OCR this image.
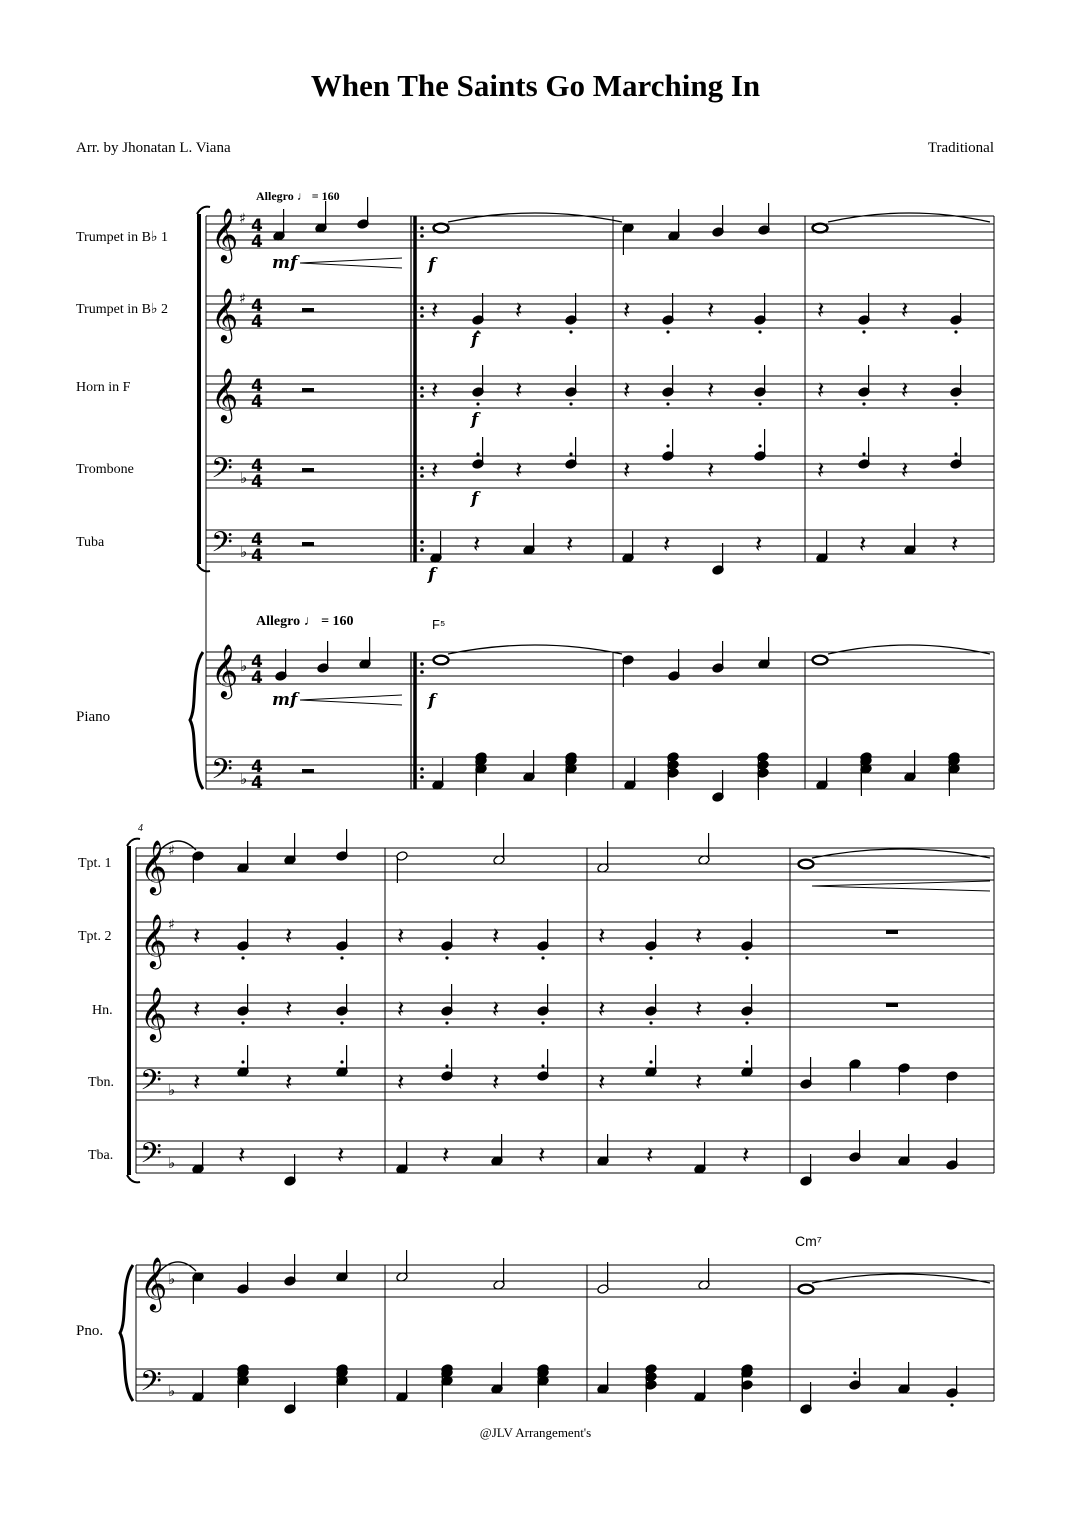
When The Saints Go Marching In
Arr. by Jhonatan L. Viana	Traditional
Trumpet in B♭ 1
Trumpet in B♭ 2
Horn in F
Trombone
Tuba
Piano
Tpt. 1
Tpt. 2
Hn.
Tbn.
Tba.
Pno.
Allegro ♩ = 160
Allegro ♩ = 160	F⁵
Cm⁷
4
@JLV Arrangement's
𝄞 ♯ 4
4
𝄞 ♯ 4
4
𝄞 4
4
𝄢 ♭
4
4
𝄢 ♭
4
4
𝄞 ♭ 4
4
𝄢 ♭
4
4
mf
mf
f
𝄽	𝄽	𝄽	𝄽	𝄽	𝄽
f
𝄽	𝄽	𝄽	𝄽	𝄽	𝄽
f
𝄽	𝄽	𝄽	𝄽	𝄽	𝄽
f
𝄽	𝄽	𝄽	𝄽	𝄽	𝄽
f
f
𝄞 ♯
𝄞 ♯
𝄞
𝄢 ♭
𝄢 ♭
𝄞 ♭
𝄢 ♭
𝄽	𝄽	𝄽	𝄽	𝄽	𝄽
𝄽	𝄽	𝄽	𝄽	𝄽	𝄽
𝄽	𝄽	𝄽	𝄽	𝄽	𝄽
𝄽	𝄽	𝄽	𝄽	𝄽	𝄽
